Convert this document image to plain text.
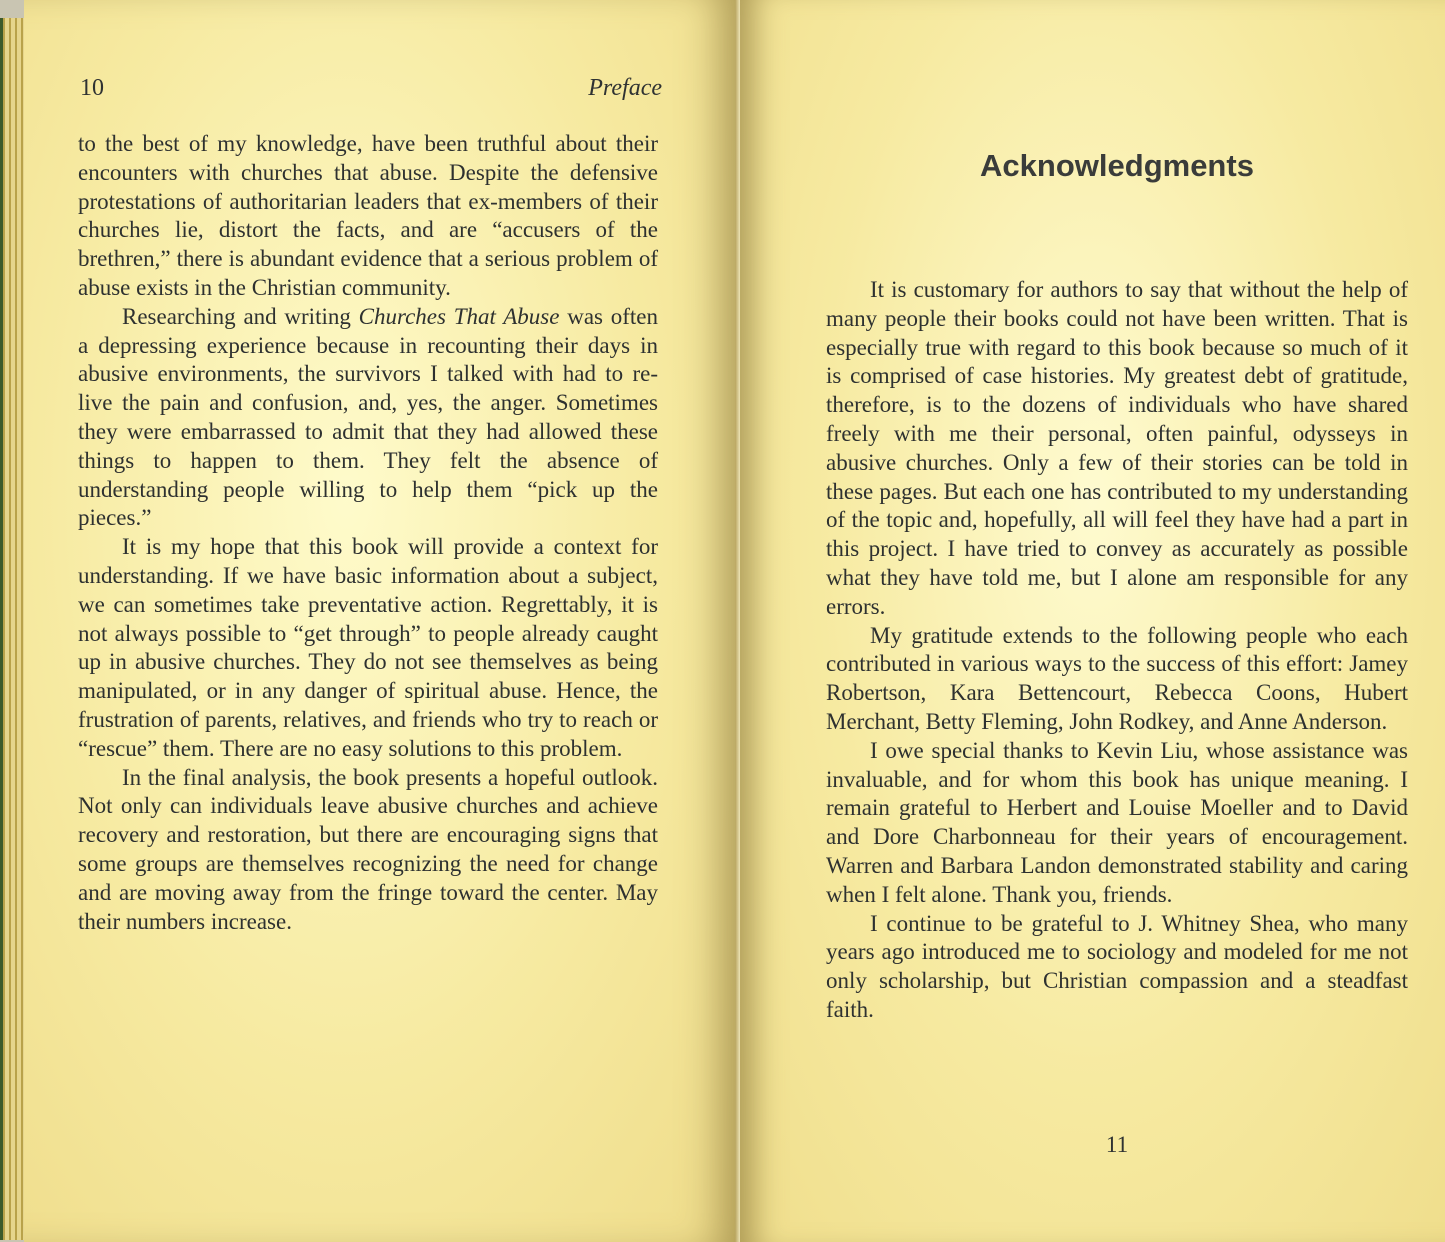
10	Preface

to the best of my knowledge, have been truthful about their encounters with churches that abuse. Despite the defensive protestations of authoritarian leaders that ex-members of their churches lie, distort the facts, and are “accusers of the brethren,” there is abundant evidence that a serious problem of abuse exists in the Christian community.

Researching and writing Churches That Abuse was often a depressing experience because in recounting their days in abusive environments, the survivors I talked with had to re-live the pain and confusion, and, yes, the anger. Sometimes they were embarrassed to admit that they had allowed these things to happen to them. They felt the absence of understanding people willing to help them “pick up the pieces.”

It is my hope that this book will provide a context for understanding. If we have basic information about a subject, we can sometimes take preventative action. Regrettably, it is not always possible to “get through” to people already caught up in abusive churches. They do not see themselves as being manipulated, or in any danger of spiritual abuse. Hence, the frustration of parents, relatives, and friends who try to reach or “rescue” them. There are no easy solutions to this problem.

In the final analysis, the book presents a hopeful outlook. Not only can individuals leave abusive churches and achieve recovery and restoration, but there are encouraging signs that some groups are themselves recognizing the need for change and are moving away from the fringe toward the center. May their numbers increase.

Acknowledgments

It is customary for authors to say that without the help of many people their books could not have been written. That is especially true with regard to this book because so much of it is comprised of case histories. My greatest debt of gratitude, therefore, is to the dozens of individuals who have shared freely with me their personal, often painful, odysseys in abusive churches. Only a few of their stories can be told in these pages. But each one has contributed to my understanding of the topic and, hopefully, all will feel they have had a part in this project. I have tried to convey as accurately as possible what they have told me, but I alone am responsible for any errors.

My gratitude extends to the following people who each contributed in various ways to the success of this effort: Jamey Robertson, Kara Bettencourt, Rebecca Coons, Hubert Merchant, Betty Fleming, John Rodkey, and Anne Anderson.

I owe special thanks to Kevin Liu, whose assistance was invaluable, and for whom this book has unique meaning. I remain grateful to Herbert and Louise Moeller and to David and Dore Charbonneau for their years of encouragement. Warren and Barbara Landon demonstrated stability and caring when I felt alone. Thank you, friends.

I continue to be grateful to J. Whitney Shea, who many years ago introduced me to sociology and modeled for me not only scholarship, but Christian compassion and a steadfast faith.

11
